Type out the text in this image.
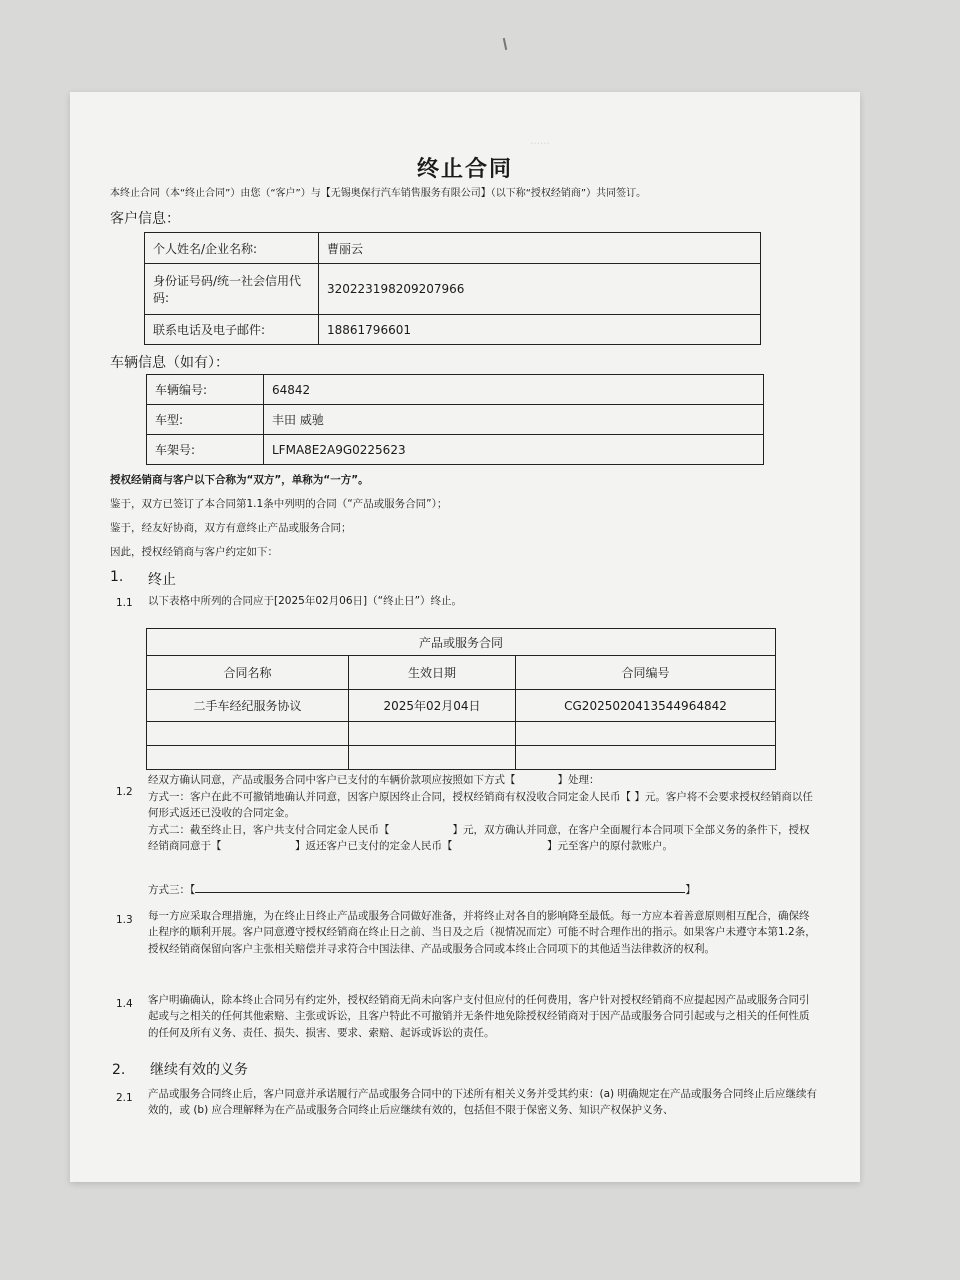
……　　　　　　　　　　　　　
终止合同
本终止合同（本“终止合同”）由您（“客户”）与【无锡奥保行汽车销售服务有限公司】（以下称“授权经销商”）共同签订。
客户信息：
个人姓名/企业名称:	曹丽云
身份证号码/统一社会信用代码:	320223198209207966
联系电话及电子邮件:	18861796601
车辆信息（如有）：
车辆编号:	64842
车型:	丰田 威驰
车架号:	LFMA8E2A9G0225623
授权经销商与客户以下合称为“双方”，单称为“一方”。
鉴于，双方已签订了本合同第1.1条中列明的合同（“产品或服务合同”）；
鉴于，经友好协商，双方有意终止产品或服务合同；
因此，授权经销商与客户约定如下：
1. 终止
1.1 以下表格中所列的合同应于[2025年02月06日]（“终止日”）终止。
产品或服务合同		
合同名称	生效日期	合同编号
二手车经纪服务协议	2025年02月04日	CG2025020413544964842

1.2
经双方确认同意，产品或服务合同中客户已支付的车辆价款项应按照如下方式【　　　　】处理：
方式一：客户在此不可撤销地确认并同意，因客户原因终止合同，授权经销商有权没收合同定金人民币【 】元。客户将不会要求授权经销商以任何形式返还已没收的合同定金。
方式二：截至终止日，客户共支付合同定金人民币【　　　　　　】元，双方确认并同意，在客户全面履行本合同项下全部义务的条件下，授权经销商同意于【　　　　　　　】返还客户已支付的定金人民币【　　　　　　　　　】元至客户的原付款账户。
方式三：【	】
1.3 每一方应采取合理措施，为在终止日终止产品或服务合同做好准备，并将终止对各自的影响降至最低。每一方应本着善意原则相互配合，确保终止程序的顺利开展。客户同意遵守授权经销商在终止日之前、当日及之后（视情况而定）可能不时合理作出的指示。如果客户未遵守本第1.2条，授权经销商保留向客户主张相关赔偿并寻求符合中国法律、产品或服务合同或本终止合同项下的其他适当法律救济的权利。
1.4 客户明确确认，除本终止合同另有约定外，授权经销商无尚未向客户支付但应付的任何费用，客户针对授权经销商不应提起因产品或服务合同引起或与之相关的任何其他索赔、主张或诉讼，且客户特此不可撤销并无条件地免除授权经销商对于因产品或服务合同引起或与之相关的任何性质的任何及所有义务、责任、损失、损害、要求、索赔、起诉或诉讼的责任。
2. 继续有效的义务
2.1 产品或服务合同终止后，客户同意并承诺履行产品或服务合同中的下述所有相关义务并受其约束：(a) 明确规定在产品或服务合同终止后应继续有效的，或 (b) 应合理解释为在产品或服务合同终止后应继续有效的，包括但不限于保密义务、知识产权保护义务、
